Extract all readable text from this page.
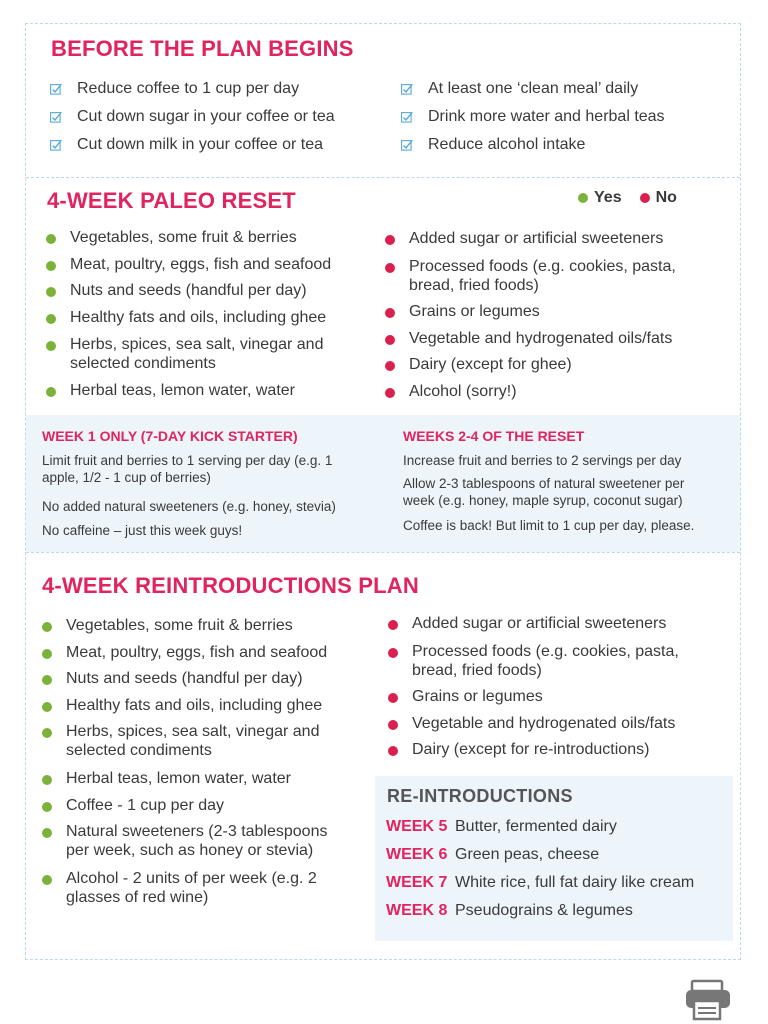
BEFORE THE PLAN BEGINS
Reduce coffee to 1 cup per day
Cut down sugar in your coffee or tea
Cut down milk in your coffee or tea
At least one ‘clean meal’ daily
Drink more water and herbal teas
Reduce alcohol intake
4-WEEK PALEO RESET	Yes No
Vegetables, some fruit & berries
Meat, poultry, eggs, fish and seafood
Nuts and seeds (handful per day)
Healthy fats and oils, including ghee
Herbs, spices, sea salt, vinegar and
selected condiments
Herbal teas, lemon water, water
Added sugar or artificial sweeteners
Processed foods (e.g. cookies, pasta,
bread, fried foods)
Grains or legumes
Vegetable and hydrogenated oils/fats
Dairy (except for ghee)
Alcohol (sorry!)
WEEK 1 ONLY (7-DAY KICK STARTER)	WEEKS 2-4 OF THE RESET
Limit fruit and berries to 1 serving per day (e.g. 1
apple, 1/2 - 1 cup of berries)
No added natural sweeteners (e.g. honey, stevia)
No caffeine – just this week guys!
Increase fruit and berries to 2 servings per day
Allow 2-3 tablespoons of natural sweetener per
week (e.g. honey, maple syrup, coconut sugar)
Coffee is back! But limit to 1 cup per day, please.
4-WEEK REINTRODUCTIONS PLAN
Vegetables, some fruit & berries
Meat, poultry, eggs, fish and seafood
Nuts and seeds (handful per day)
Healthy fats and oils, including ghee
Herbs, spices, sea salt, vinegar and
selected condiments
Herbal teas, lemon water, water
Coffee - 1 cup per day
Natural sweeteners (2-3 tablespoons
per week, such as honey or stevia)
Alcohol - 2 units of per week (e.g. 2
glasses of red wine)
Added sugar or artificial sweeteners
Processed foods (e.g. cookies, pasta,
bread, fried foods)
Grains or legumes
Vegetable and hydrogenated oils/fats
Dairy (except for re-introductions)
RE-INTRODUCTIONS
WEEK 5 Butter, fermented dairy
WEEK 6 Green peas, cheese
WEEK 7 White rice, full fat dairy like cream
WEEK 8 Pseudograins & legumes
